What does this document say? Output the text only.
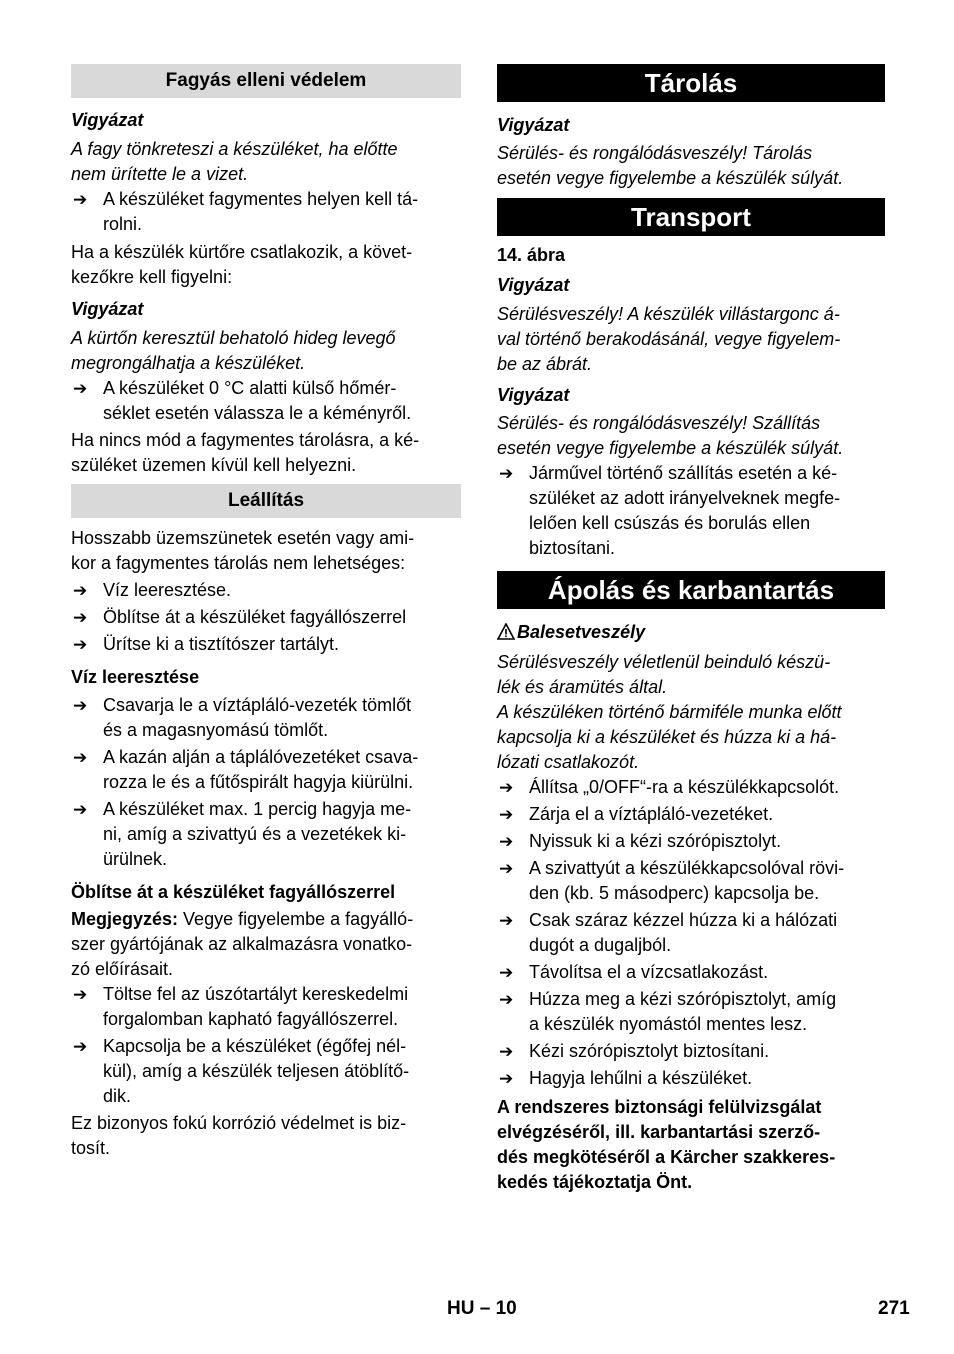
Fagyás elleni védelem

Vigyázat

A fagy tönkreteszi a készüléket, ha előtte
nem ürítette le a vizet.

➔ A készüléket fagymentes helyen kell tá-
rolni.

Ha a készülék kürtőre csatlakozik, a követ-
kezőkre kell figyelni:

Vigyázat

A kürtőn keresztül behatoló hideg levegő
megrongálhatja a készüléket.

➔ A készüléket 0 °C alatti külső hőmér-
séklet esetén válassza le a kéményről.

Ha nincs mód a fagymentes tárolásra, a ké-
szüléket üzemen kívül kell helyezni.

Leállítás

Hosszabb üzemszünetek esetén vagy ami-
kor a fagymentes tárolás nem lehetséges:

➔ Víz leeresztése.
➔ Öblítse át a készüléket fagyállószerrel
➔ Ürítse ki a tisztítószer tartályt.

Víz leeresztése

➔ Csavarja le a víztápláló-vezeték tömlőt
és a magasnyomású tömlőt.
➔ A kazán alján a táplálóvezetéket csava-
rozza le és a fűtőspirált hagyja kiürülni.
➔ A készüléket max. 1 percig hagyja me-
ni, amíg a szivattyú és a vezetékek ki-
ürülnek.

Öblítse át a készüléket fagyállószerrel

Megjegyzés: Vegye figyelembe a fagyálló-
szer gyártójának az alkalmazásra vonatko-
zó előírásait.

➔ Töltse fel az úszótartályt kereskedelmi
forgalomban kapható fagyállószerrel.
➔ Kapcsolja be a készüléket (égőfej nél-
kül), amíg a készülék teljesen átöblítő-
dik.

Ez bizonyos fokú korrózió védelmet is biz-
tosít.

Tárolás

Vigyázat

Sérülés- és rongálódásveszély! Tárolás
esetén vegye figyelembe a készülék súlyát.

Transport

14. ábra

Vigyázat

Sérülésveszély! A készülék villástargonc á-
val történő berakodásánál, vegye figyelem-
be az ábrát.

Vigyázat

Sérülés- és rongálódásveszély! Szállítás
esetén vegye figyelembe a készülék súlyát.

➔ Járművel történő szállítás esetén a ké-
szüléket az adott irányelveknek megfe-
lelően kell csúszás és borulás ellen
biztosítani.
Ápolás és karbantartás

Balesetveszély

Sérülésveszély véletlenül beinduló készü-
lék és áramütés által.
A készüléken történő bármiféle munka előtt
kapcsolja ki a készüléket és húzza ki a há-
lózati csatlakozót.

➔ Állítsa „0/OFF“-ra a készülékkapcsolót.
➔ Zárja el a víztápláló-vezetéket.
➔ Nyissuk ki a kézi szórópisztolyt.
➔ A szivattyút a készülékkapcsolóval rövi-
den (kb. 5 másodperc) kapcsolja be.
➔ Csak száraz kézzel húzza ki a hálózati
dugót a dugaljból.
➔ Távolítsa el a vízcsatlakozást.
➔ Húzza meg a kézi szórópisztolyt, amíg
a készülék nyomástól mentes lesz.
➔ Kézi szórópisztolyt biztosítani.
➔ Hagyja lehűlni a készüléket.

A rendszeres biztonsági felülvizsgálat
elvégzéséről, ill. karbantartási szerző-
dés megkötéséről a Kärcher szakkeres-
kedés tájékoztatja Önt.

HU – 10	271
